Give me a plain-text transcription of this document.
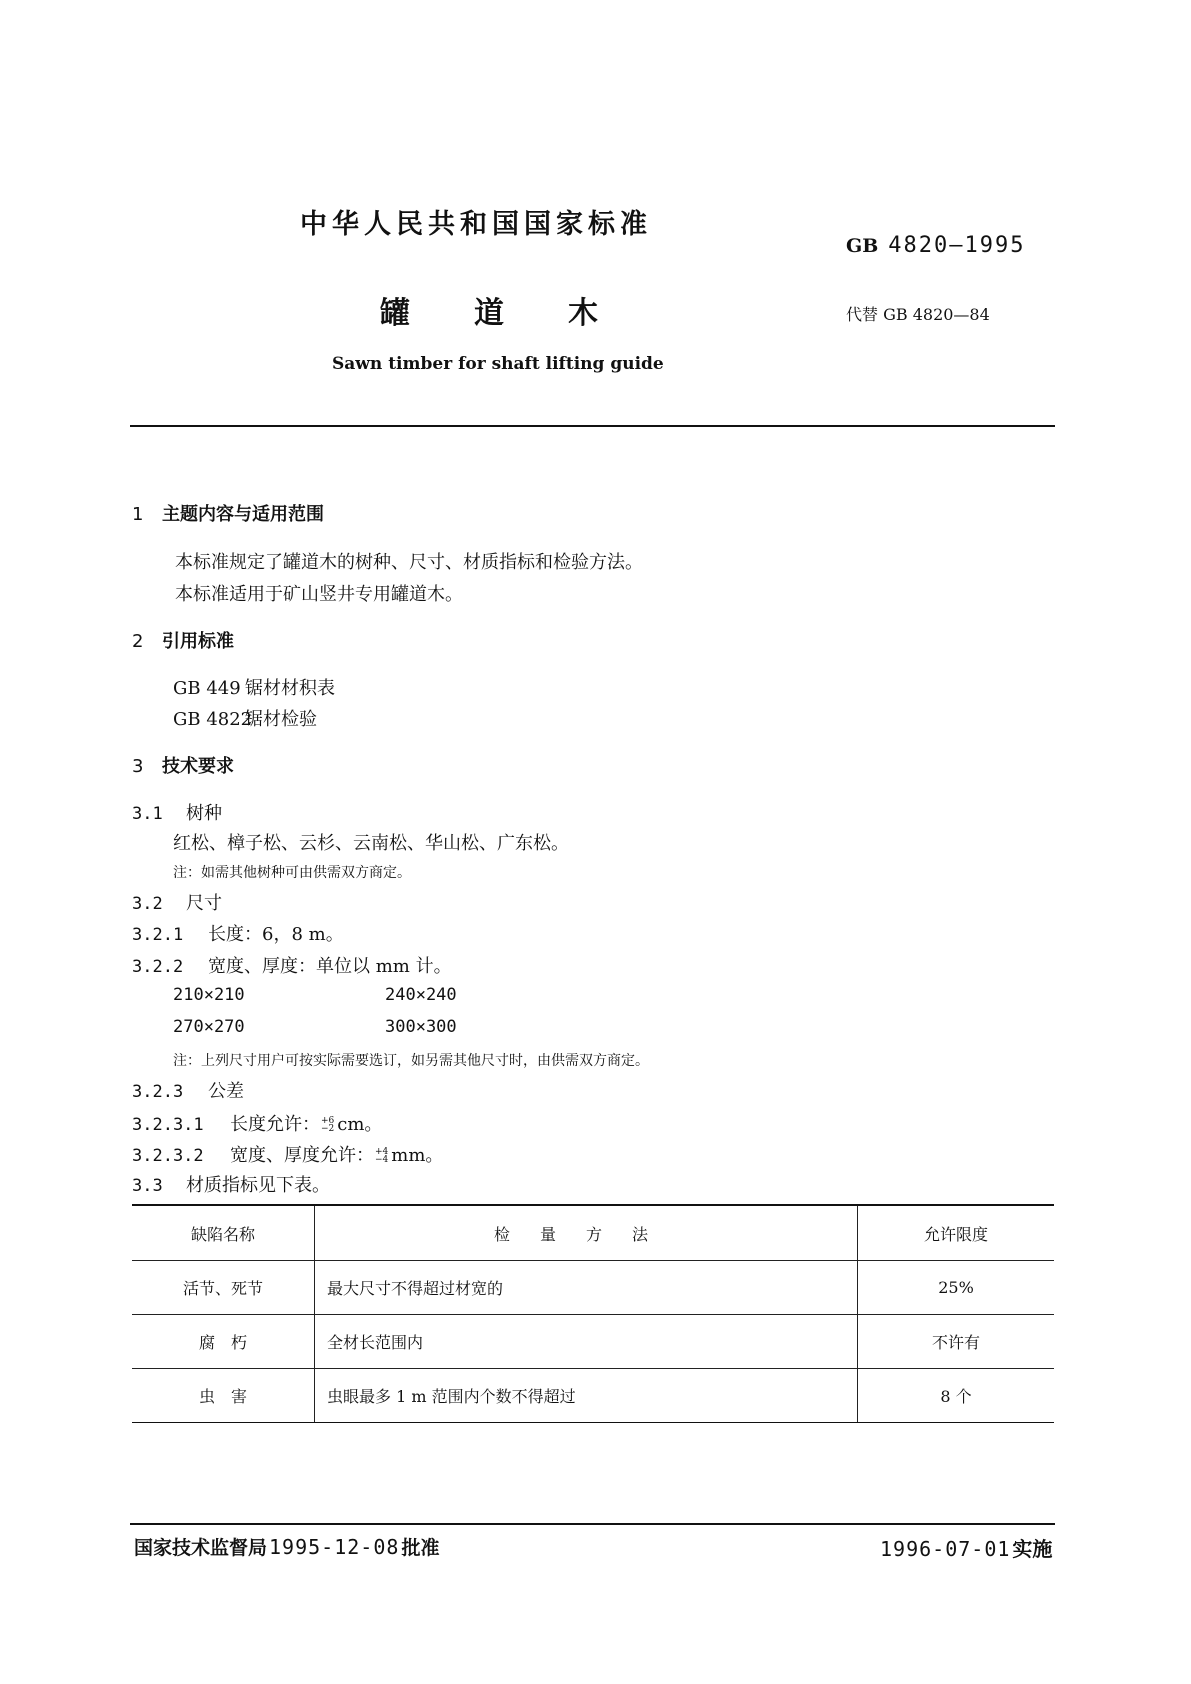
中华人民共和国国家标准
GB 4820—1995
罐 道 木	代替 GB 4820—84
Sawn timber for shaft lifting guide
1 主题内容与适用范围
本标准规定了罐道木的树种、尺寸、材质指标和检验方法。
本标准适用于矿山竖井专用罐道木。
2 引用标准
GB 449 锯材材积表
GB 4822锯材检验
3 技术要求
3.1 树种
红松、樟子松、云杉、云南松、华山松、广东松。
注：如需其他树种可由供需双方商定。
3.2 尺寸
3.2.1 长度：6，8 m。
3.2.2 宽度、厚度：单位以 mm 计。
210×210	240×240
270×270	300×300
注：上列尺寸用户可按实际需要选订，如另需其他尺寸时，由供需双方商定。
3.2.3 公差
3.2.3.1 长度允许： +6
−2 cm。
3.2.3.2 宽度、厚度允许： +4
−4 mm。
3.3 材质指标见下表。
缺陷名称	检量方法	允许限度
活节、死节	最大尺寸不得超过材宽的	25%
腐　朽	全材长范围内	不许有
虫　害	虫眼最多 1 m 范围内个数不得超过	8 个
国家技术监督局 1995-12-08 批准	1996-07-01 实施
